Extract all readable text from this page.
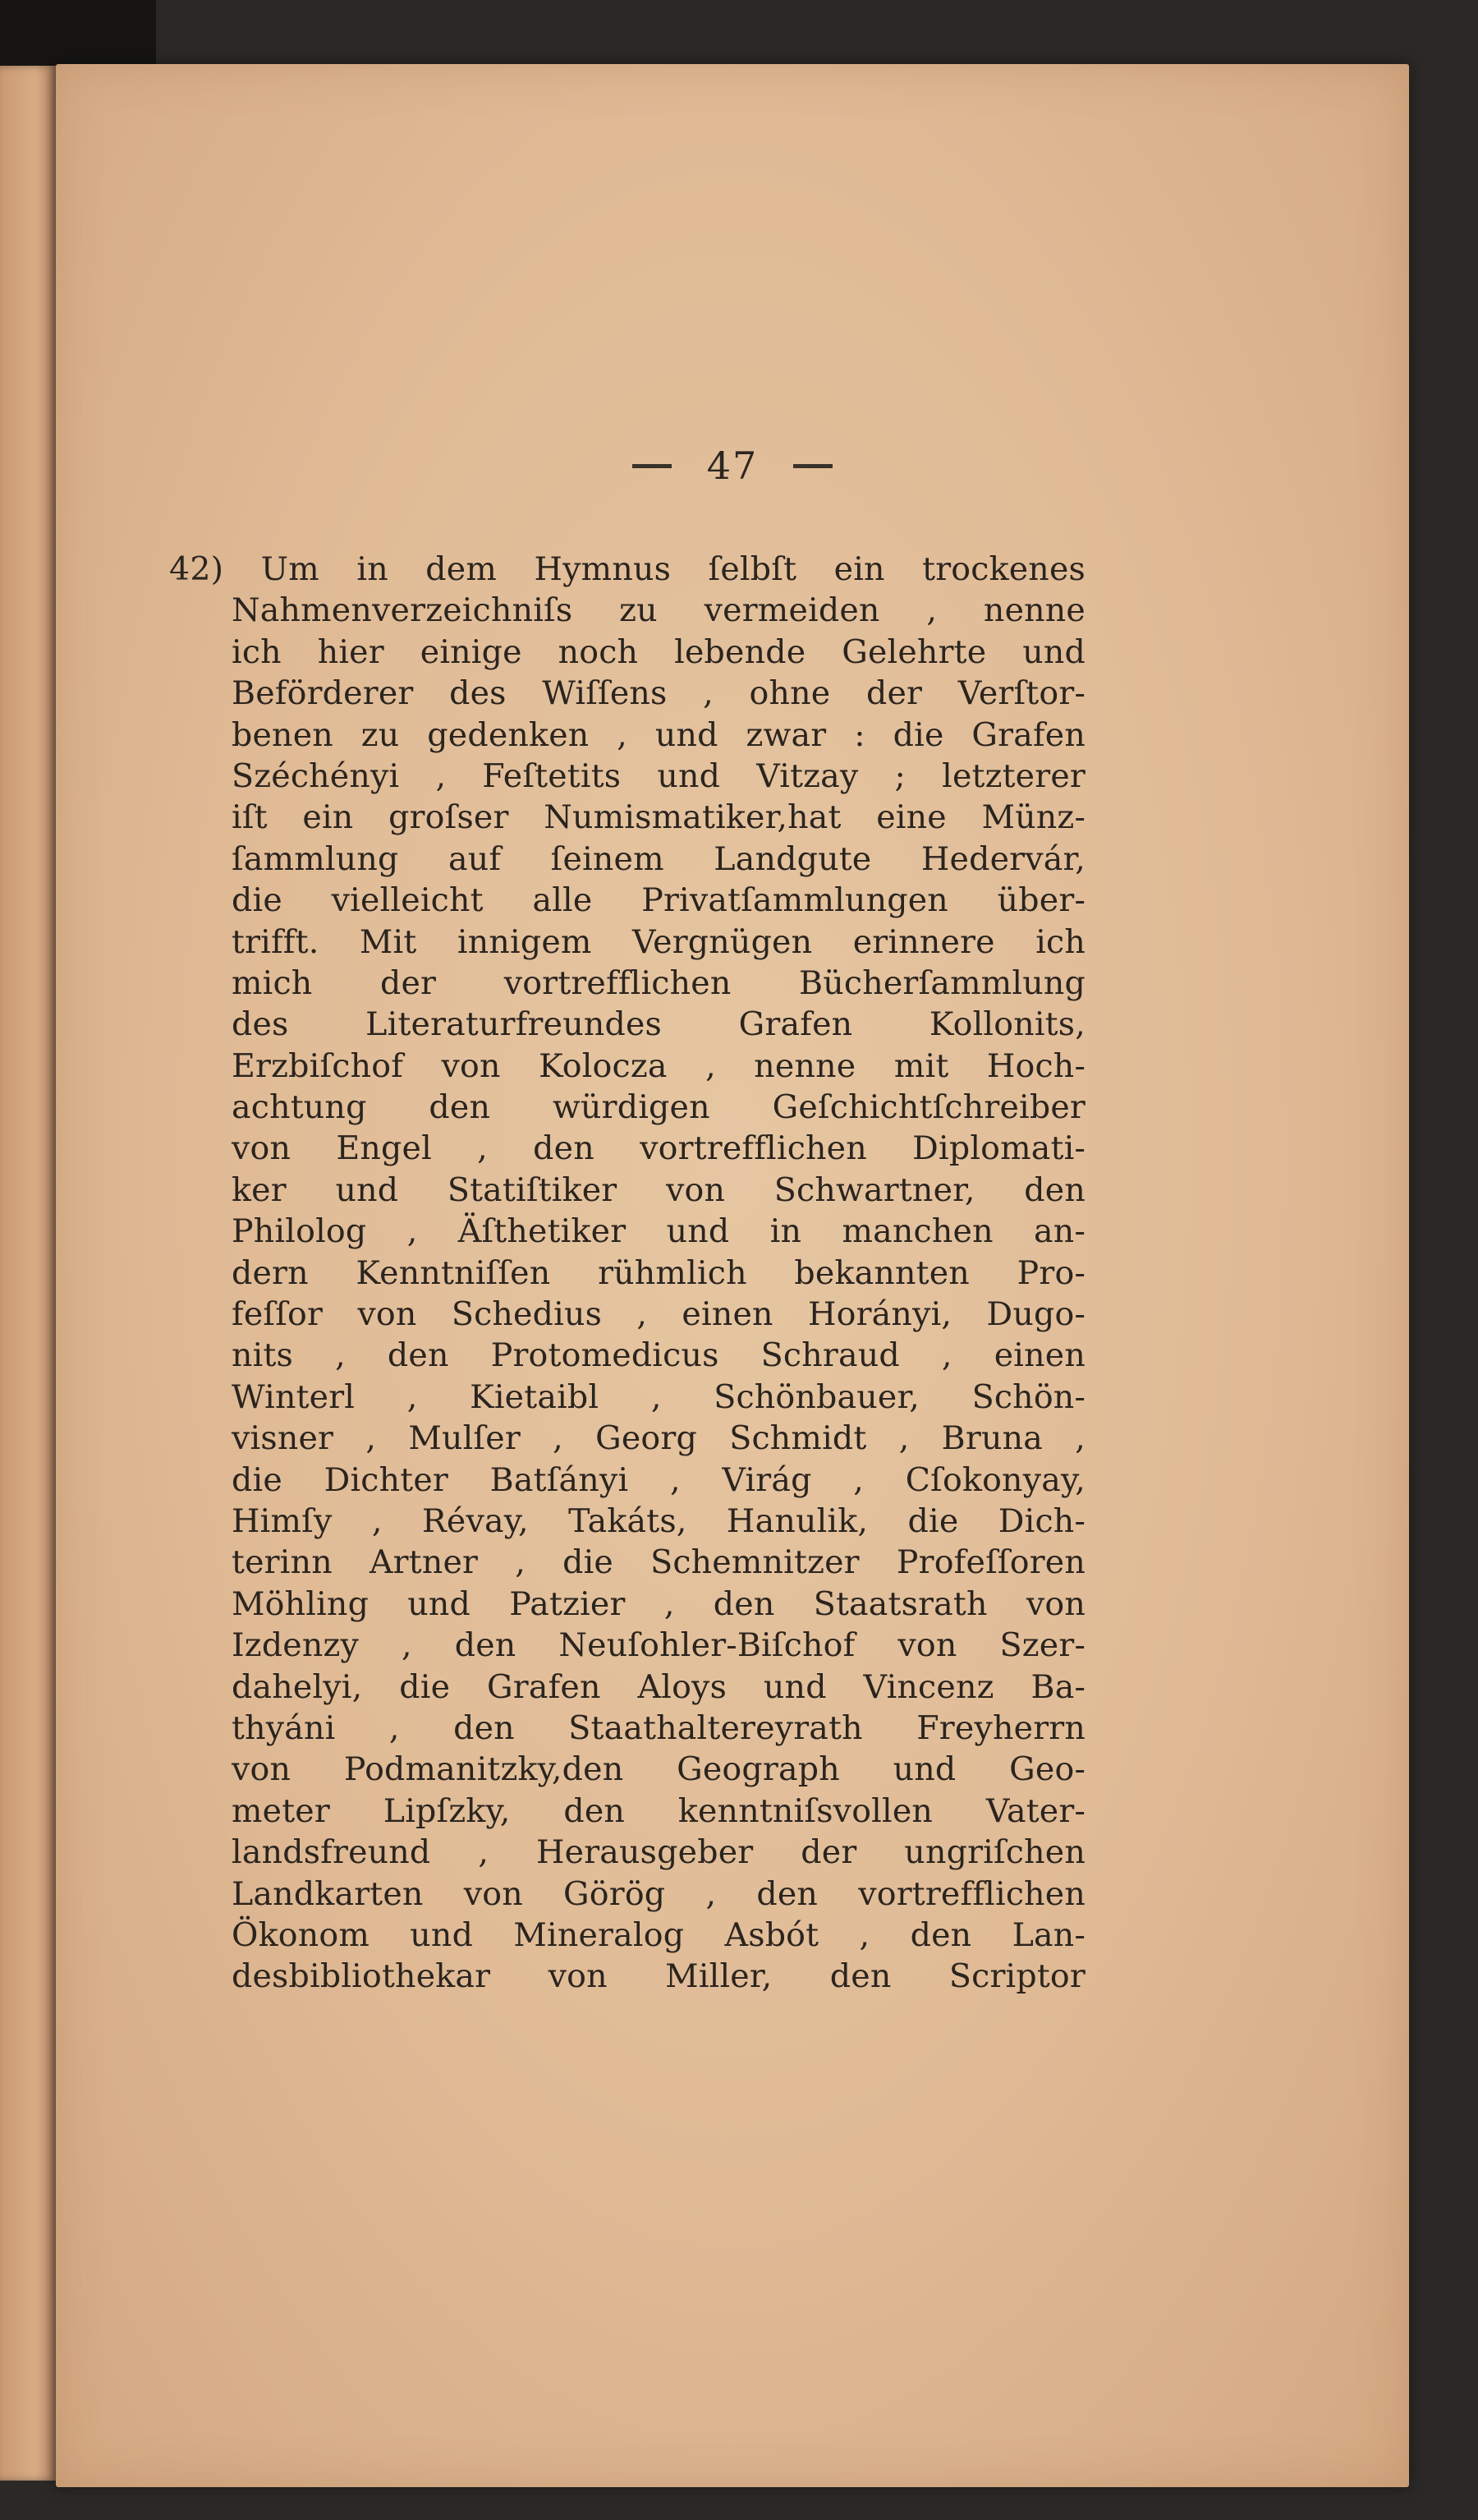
47
42) Um in dem Hymnus ſelbſt ein trockenes
Nahmenverzeichniſs zu vermeiden , nenne
ich hier einige noch lebende Gelehrte und
Beförderer des Wiſſens , ohne der Verſtor-
benen zu gedenken , und zwar : die Grafen
Széchényi , Feſtetits und Vitzay ; letzterer
iſt ein groſser Numismatiker,hat eine Münz-
ſammlung auf ſeinem Landgute Hedervár,
die vielleicht alle Privatſammlungen über-
trifft. Mit innigem Vergnügen erinnere ich
mich der vortrefflichen Bücherſammlung
des Literaturfreundes Grafen Kollonits,
Erzbiſchof von Kolocza , nenne mit Hoch-
achtung den würdigen Geſchichtſchreiber
von Engel , den vortrefflichen Diplomati-
ker und Statiſtiker von Schwartner, den
Philolog , Äſthetiker und in manchen an-
dern Kenntniſſen rühmlich bekannten Pro-
feſſor von Schedius , einen Horányi, Dugo-
nits , den Protomedicus Schraud , einen
Winterl , Kietaibl , Schönbauer, Schön-
visner , Mulſer , Georg Schmidt , Bruna ,
die Dichter Batſányi , Virág , Cſokonyay,
Himſy , Révay, Takáts, Hanulik, die Dich-
terinn Artner , die Schemnitzer Profeſſoren
Möhling und Patzier , den Staatsrath von
Izdenzy , den Neuſohler-Biſchof von Szer-
dahelyi, die Grafen Aloys und Vincenz Ba-
thyáni , den Staathaltereyrath Freyherrn
von Podmanitzky,den Geograph und Geo-
meter Lipſzky, den kenntniſsvollen Vater-
landsfreund , Herausgeber der ungriſchen
Landkarten von Görög , den vortrefflichen
Ökonom und Mineralog Asbót , den Lan-
desbibliothekar von Miller, den Scriptor
